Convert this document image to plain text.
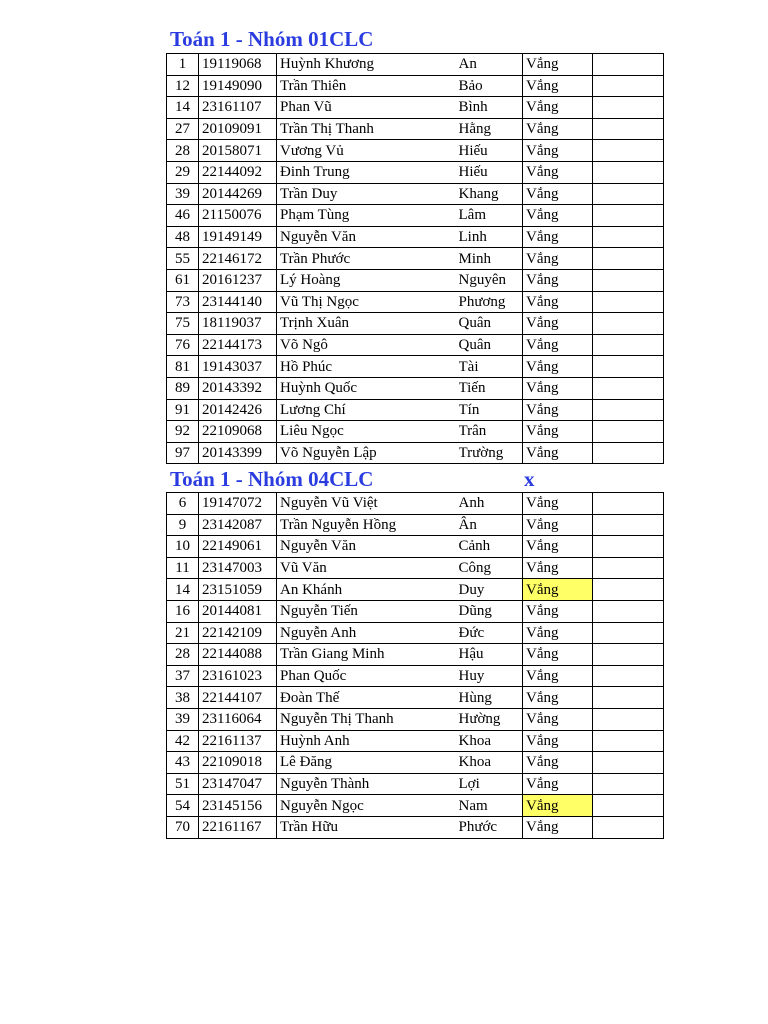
Toán 1 - Nhóm 01CLC
1	19119068	Huỳnh Khương	An	Vắng	
12	19149090	Trần Thiên	Bảo	Vắng	
14	23161107	Phan Vũ	Bình	Vắng	
27	20109091	Trần Thị Thanh	Hằng	Vắng	
28	20158071	Vương Vủ	Hiếu	Vắng	
29	22144092	Đinh Trung	Hiếu	Vắng	
39	20144269	Trần Duy	Khang	Vắng	
46	21150076	Phạm Tùng	Lâm	Vắng	
48	19149149	Nguyễn Văn	Linh	Vắng	
55	22146172	Trần Phước	Minh	Vắng	
61	20161237	Lý Hoàng	Nguyên	Vắng	
73	23144140	Vũ Thị Ngọc	Phương	Vắng	
75	18119037	Trịnh Xuân	Quân	Vắng	
76	22144173	Võ Ngô	Quân	Vắng	
81	19143037	Hồ Phúc	Tài	Vắng	
89	20143392	Huỳnh Quốc	Tiến	Vắng	
91	20142426	Lương Chí	Tín	Vắng	
92	22109068	Liêu Ngọc	Trân	Vắng	
97	20143399	Võ Nguyễn Lập	Trường	Vắng	
Toán 1 - Nhóm 04CLC	x
6	19147072	Nguyễn Vũ Việt	Anh	Vắng	
9	23142087	Trần Nguyễn Hồng	Ân	Vắng	
10	22149061	Nguyễn Văn	Cảnh	Vắng	
11	23147003	Vũ Văn	Công	Vắng	
14	23151059	An Khánh	Duy	Vắng	
16	20144081	Nguyễn Tiến	Dũng	Vắng	
21	22142109	Nguyễn Anh	Đức	Vắng	
28	22144088	Trần Giang Minh	Hậu	Vắng	
37	23161023	Phan Quốc	Huy	Vắng	
38	22144107	Đoàn Thế	Hùng	Vắng	
39	23116064	Nguyễn Thị Thanh	Hường	Vắng	
42	22161137	Huỳnh Anh	Khoa	Vắng	
43	22109018	Lê Đăng	Khoa	Vắng	
51	23147047	Nguyễn Thành	Lợi	Vắng	
54	23145156	Nguyễn Ngọc	Nam	Vắng	
70	22161167	Trần Hữu	Phước	Vắng	
